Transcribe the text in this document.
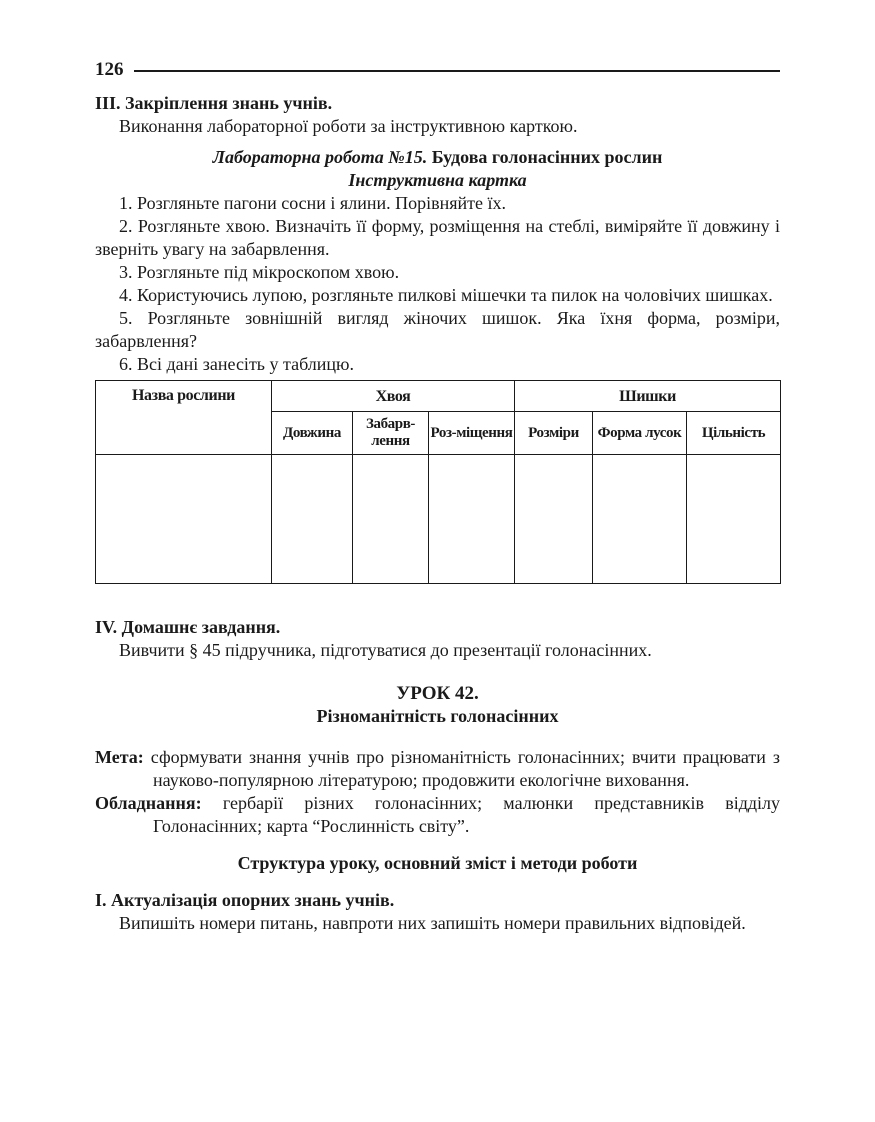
126
III. Закріплення знань учнів.
Виконання лабораторної роботи за інструктивною карткою.
Лабораторна робота №15. Будова голонасінних рослин
Інструктивна картка
1. Розгляньте пагони сосни і ялини. Порівняйте їх.
2. Розгляньте хвою. Визначіть її форму, розміщення на стеблі, виміряйте її довжину і зверніть увагу на забарвлення.
3. Розгляньте під мікроскопом хвою.
4. Користуючись лупою, розгляньте пилкові мішечки та пилок на чоловічих шишках.
5. Розгляньте зовнішній вигляд жіночих шишок. Яка їхня форма, розміри, забарвлення?
6. Всі дані занесіть у таблицю.
Назва рослини	Хвоя			Шишки		
	Довжина	Забарв-лення	Роз-міщення	Розміри	Форма лусок	Цільність

IV. Домашнє завдання.
Вивчити § 45 підручника, підготуватися до презентації голонасінних.
УРОК 42.
Різноманітність голонасінних
Мета: сформувати знання учнів про різноманітність голонасінних; вчити працювати з науково-популярною літературою; продовжити екологічне виховання.
Обладнання: гербарії різних голонасінних; малюнки представників відділу Голонасінних; карта “Рослинність світу”.
Структура уроку, основний зміст і методи роботи
I. Актуалізація опорних знань учнів.
Випишіть номери питань, навпроти них запишіть номери правильних відповідей.
